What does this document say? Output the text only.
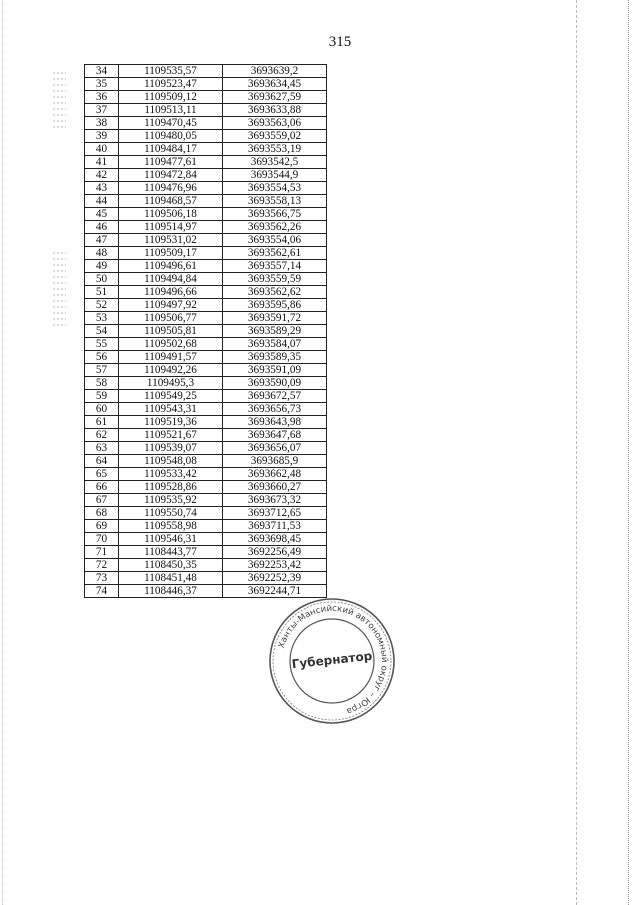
315
34	1109535,57	3693639,2
35	1109523,47	3693634,45
36	1109509,12	3693627,59
37	1109513,11	3693633,88
38	1109470,45	3693563,06
39	1109480,05	3693559,02
40	1109484,17	3693553,19
41	1109477,61	3693542,5
42	1109472,84	3693544,9
43	1109476,96	3693554,53
44	1109468,57	3693558,13
45	1109506,18	3693566,75
46	1109514,97	3693562,26
47	1109531,02	3693554,06
48	1109509,17	3693562,61
49	1109496,61	3693557,14
50	1109494,84	3693559,59
51	1109496,66	3693562,62
52	1109497,92	3693595,86
53	1109506,77	3693591,72
54	1109505,81	3693589,29
55	1109502,68	3693584,07
56	1109491,57	3693589,35
57	1109492,26	3693591,09
58	1109495,3	3693590,09
59	1109549,25	3693672,57
60	1109543,31	3693656,73
61	1109519,36	3693643,98
62	1109521,67	3693647,68
63	1109539,07	3693656,07
64	1109548,08	3693685,9
65	1109533,42	3693662,48
66	1109528,86	3693660,27
67	1109535,92	3693673,32
68	1109550,74	3693712,65
69	1109558,98	3693711,53
70	1109546,31	3693698,45
71	1108443,77	3692256,49
72	1108450,35	3692253,42
73	1108451,48	3692252,39
74	1108446,37	3692244,71
Ханты-Мансийский автономный округ – Югра
Губернатор
